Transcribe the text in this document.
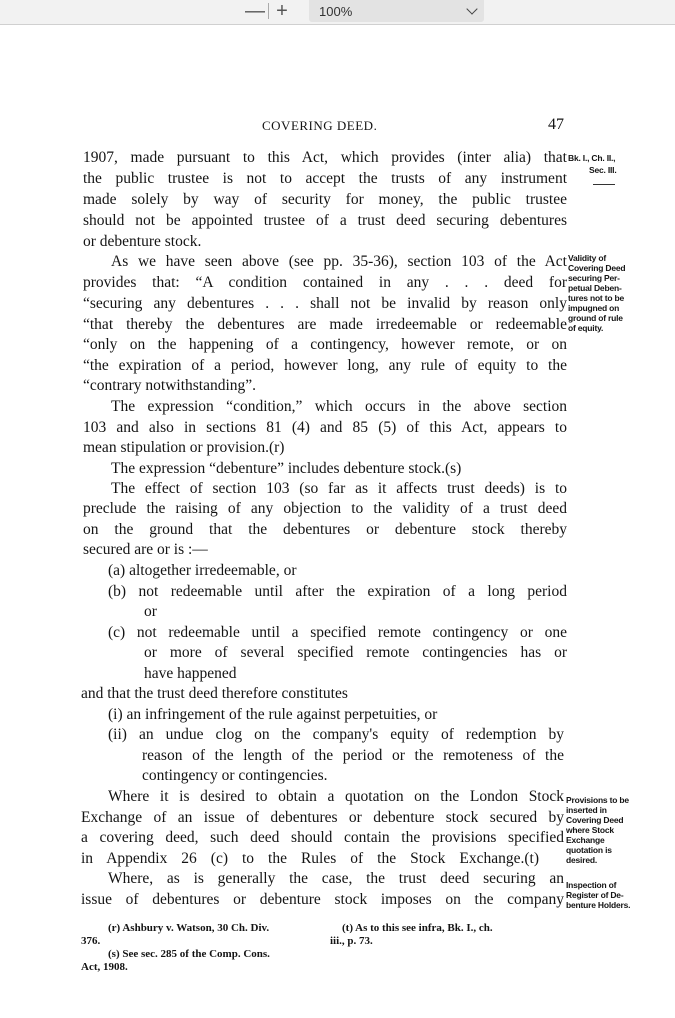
— +	100%
COVERING DEED.	47
1907, made pursuant to this Act, which provides (inter alia) that
the public trustee is not to accept the trusts of any instrument
made solely by way of security for money, the public trustee
should not be appointed trustee of a trust deed securing debentures
or debenture stock.
As we have seen above (see pp. 35-36), section 103 of the Act
provides that: “A condition contained in any . . . deed for
“securing any debentures . . . shall not be invalid by reason only
“that thereby the debentures are made irredeemable or redeemable
“only on the happening of a contingency, however remote, or on
“the expiration of a period, however long, any rule of equity to the
“contrary notwithstanding”.
The expression “condition,” which occurs in the above section
103 and also in sections 81 (4) and 85 (5) of this Act, appears to
mean stipulation or provision.(r)
The expression “debenture” includes debenture stock.(s)
The effect of section 103 (so far as it affects trust deeds) is to
preclude the raising of any objection to the validity of a trust deed
on the ground that the debentures or debenture stock thereby
secured are or is :—
(a) altogether irredeemable, or
(b) not redeemable until after the expiration of a long period
or
(c) not redeemable until a specified remote contingency or one
or more of several specified remote contingencies has or
have happened
and that the trust deed therefore constitutes
(i) an infringement of the rule against perpetuities, or
(ii) an undue clog on the company's equity of redemption by
reason of the length of the period or the remoteness of the
contingency or contingencies.
Where it is desired to obtain a quotation on the London Stock
Exchange of an issue of debentures or debenture stock secured by
a covering deed, such deed should contain the provisions specified
in Appendix 26 (c) to the Rules of the Stock Exchange.(t)
Where, as is generally the case, the trust deed securing an
issue of debentures or debenture stock imposes on the company
Bk. I., Ch. II.,
Sec. III.
Validity of
Covering Deed
securing Per-
petual Deben-
tures not to be
impugned on
ground of rule
of equity.
Provisions to be
inserted in
Covering Deed
where Stock
Exchange
quotation is
desired.
Inspection of
Register of De-
benture Holders.
(r) Ashbury v. Watson, 30 Ch. Div.
376.
(s) See sec. 285 of the Comp. Cons.
Act, 1908.
(t) As to this see infra, Bk. I., ch.
iii., p. 73.
